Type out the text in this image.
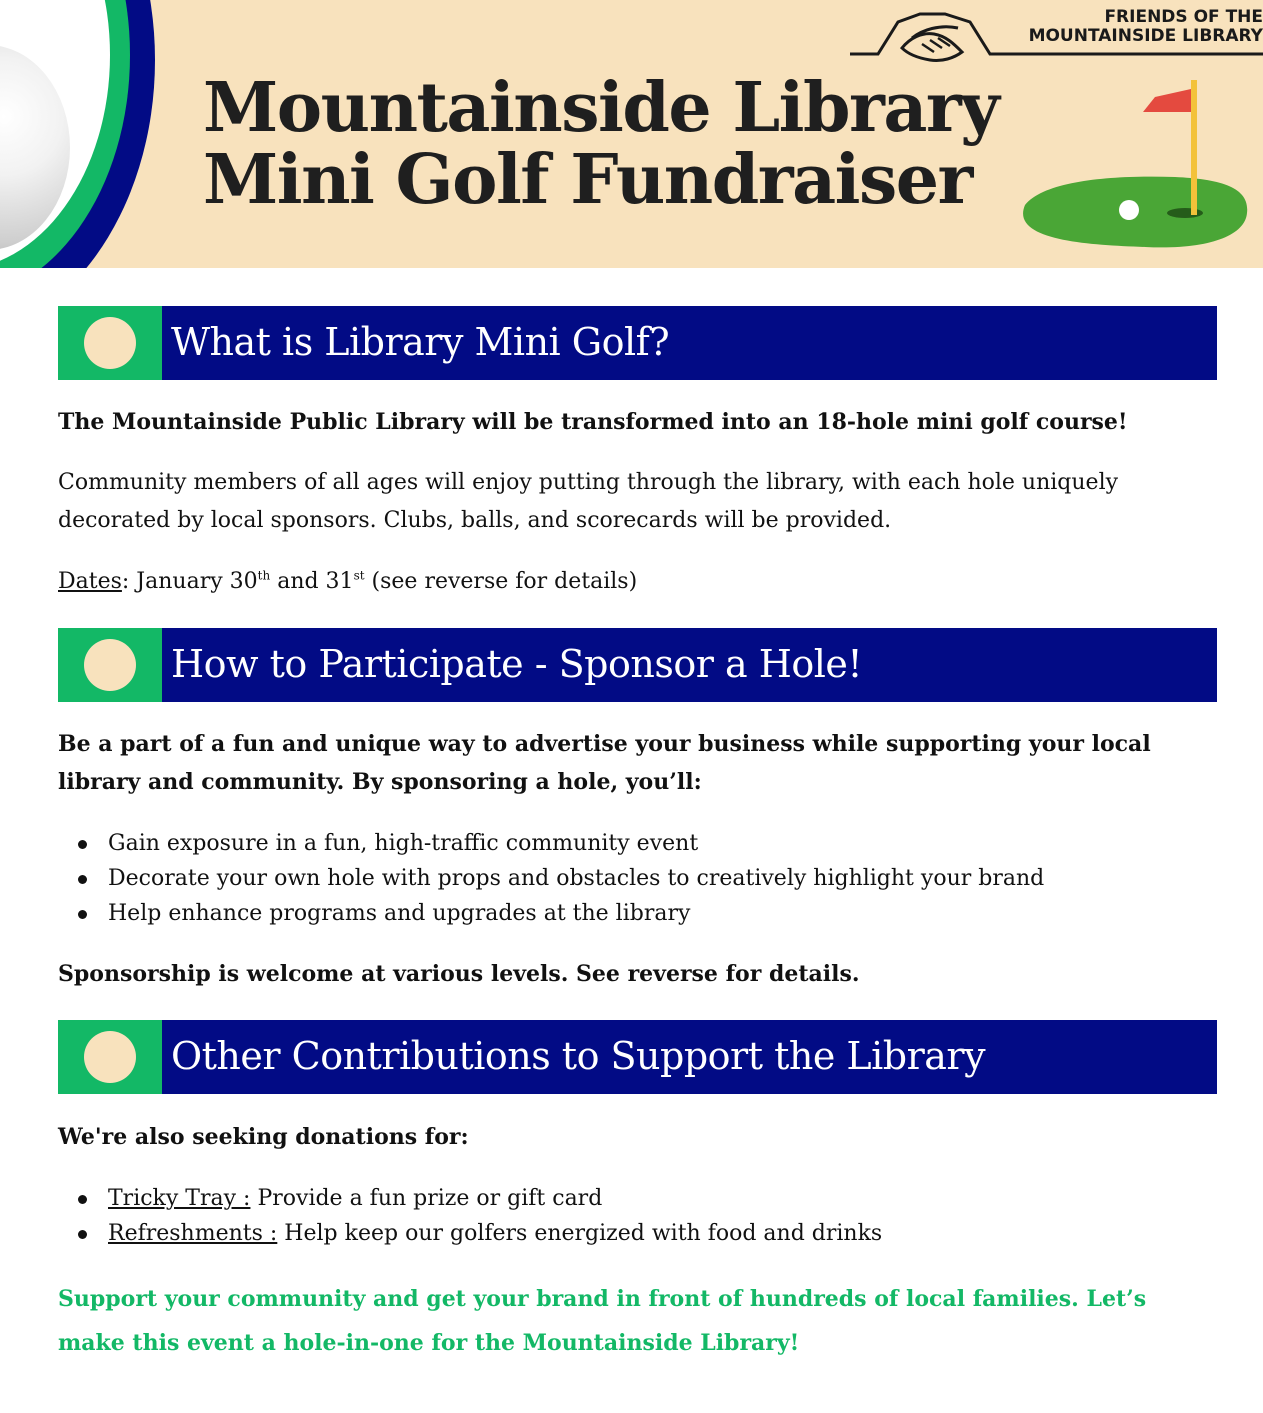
Mountainside Library
Mini Golf Fundraiser
FRIENDS OF THE
MOUNTAINSIDE LIBRARY
What is Library Mini Golf?

The Mountainside Public Library will be transformed into an 18-hole mini golf course!

Community members of all ages will enjoy putting through the library, with each hole uniquely decorated by local sponsors. Clubs, balls, and scorecards will be provided.

Dates: January 30th and 31st (see reverse for details)

How to Participate - Sponsor a Hole!

Be a part of a fun and unique way to advertise your business while supporting your local library and community. By sponsoring a hole, you’ll:

Gain exposure in a fun, high-traffic community event
Decorate your own hole with props and obstacles to creatively highlight your brand
Help enhance programs and upgrades at the library

Sponsorship is welcome at various levels. See reverse for details.

Other Contributions to Support the Library

We're also seeking donations for:

Tricky Tray : Provide a fun prize or gift card
Refreshments : Help keep our golfers energized with food and drinks

Support your community and get your brand in front of hundreds of local families. Let’s make this event a hole-in-one for the Mountainside Library!
